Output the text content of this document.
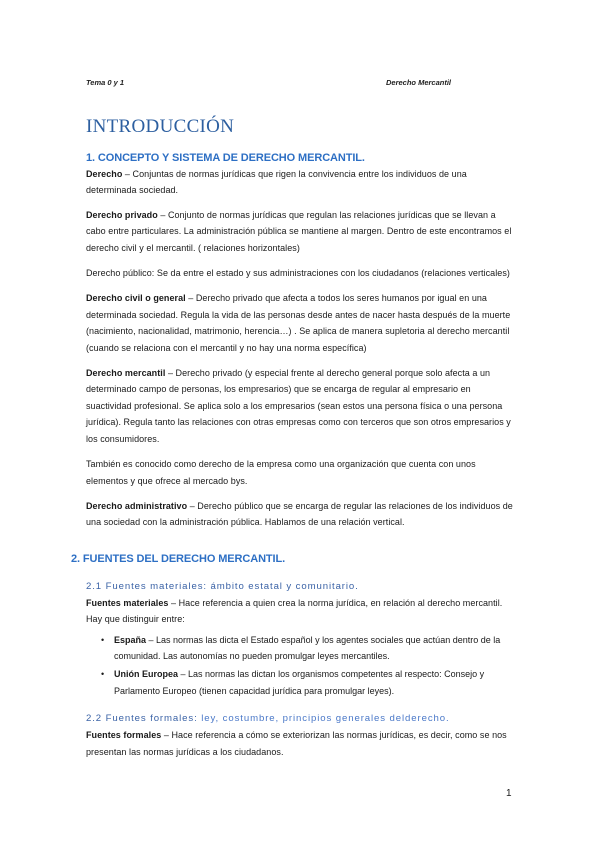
Tema 0 y 1	Derecho Mercantil
INTRODUCCIÓN
1. CONCEPTO Y SISTEMA DE DERECHO MERCANTIL.

Derecho – Conjuntas de normas jurídicas que rigen la convivencia entre los individuos de una determinada sociedad.

Derecho privado – Conjunto de normas jurídicas que regulan las relaciones jurídicas que se llevan a cabo entre particulares. La administración pública se mantiene al margen. Dentro de este encontramos el derecho civil y el mercantil. ( relaciones horizontales)

Derecho público: Se da entre el estado y sus administraciones con los ciudadanos (relaciones verticales)

Derecho civil o general – Derecho privado que afecta a todos los seres humanos por igual en una determinada sociedad. Regula la vida de las personas desde antes de nacer hasta después de la muerte (nacimiento, nacionalidad, matrimonio, herencia…) . Se aplica de manera supletoria al derecho mercantil (cuando se relaciona con el mercantil y no hay una norma específica)

Derecho mercantil – Derecho privado (y especial frente al derecho general porque solo afecta a un determinado campo de personas, los empresarios) que se encarga de regular al empresario en suactividad profesional. Se aplica solo a los empresarios (sean estos una persona física o una persona jurídica). Regula tanto las relaciones con otras empresas como con terceros que son otros empresarios y los consumidores.

También es conocido como derecho de la empresa como una organización que cuenta con unos elementos y que ofrece al mercado bys.

Derecho administrativo – Derecho público que se encarga de regular las relaciones de los individuos de una sociedad con la administración pública. Hablamos de una relación vertical.

2. FUENTES DEL DERECHO MERCANTIL.
2.1 Fuentes materiales: ámbito estatal y comunitario.

Fuentes materiales – Hace referencia a quien crea la norma jurídica, en relación al derecho mercantil. Hay que distinguir entre:

• España – Las normas las dicta el Estado español y los agentes sociales que actúan dentro de la comunidad. Las autonomías no pueden promulgar leyes mercantiles.
• Unión Europea – Las normas las dictan los organismos competentes al respecto: Consejo y Parlamento Europeo (tienen capacidad jurídica para promulgar leyes).
2.2 Fuentes formales: ley, costumbre, principios generales delderecho.

Fuentes formales – Hace referencia a cómo se exteriorizan las normas jurídicas, es decir, como se nos presentan las normas jurídicas a los ciudadanos.

1
